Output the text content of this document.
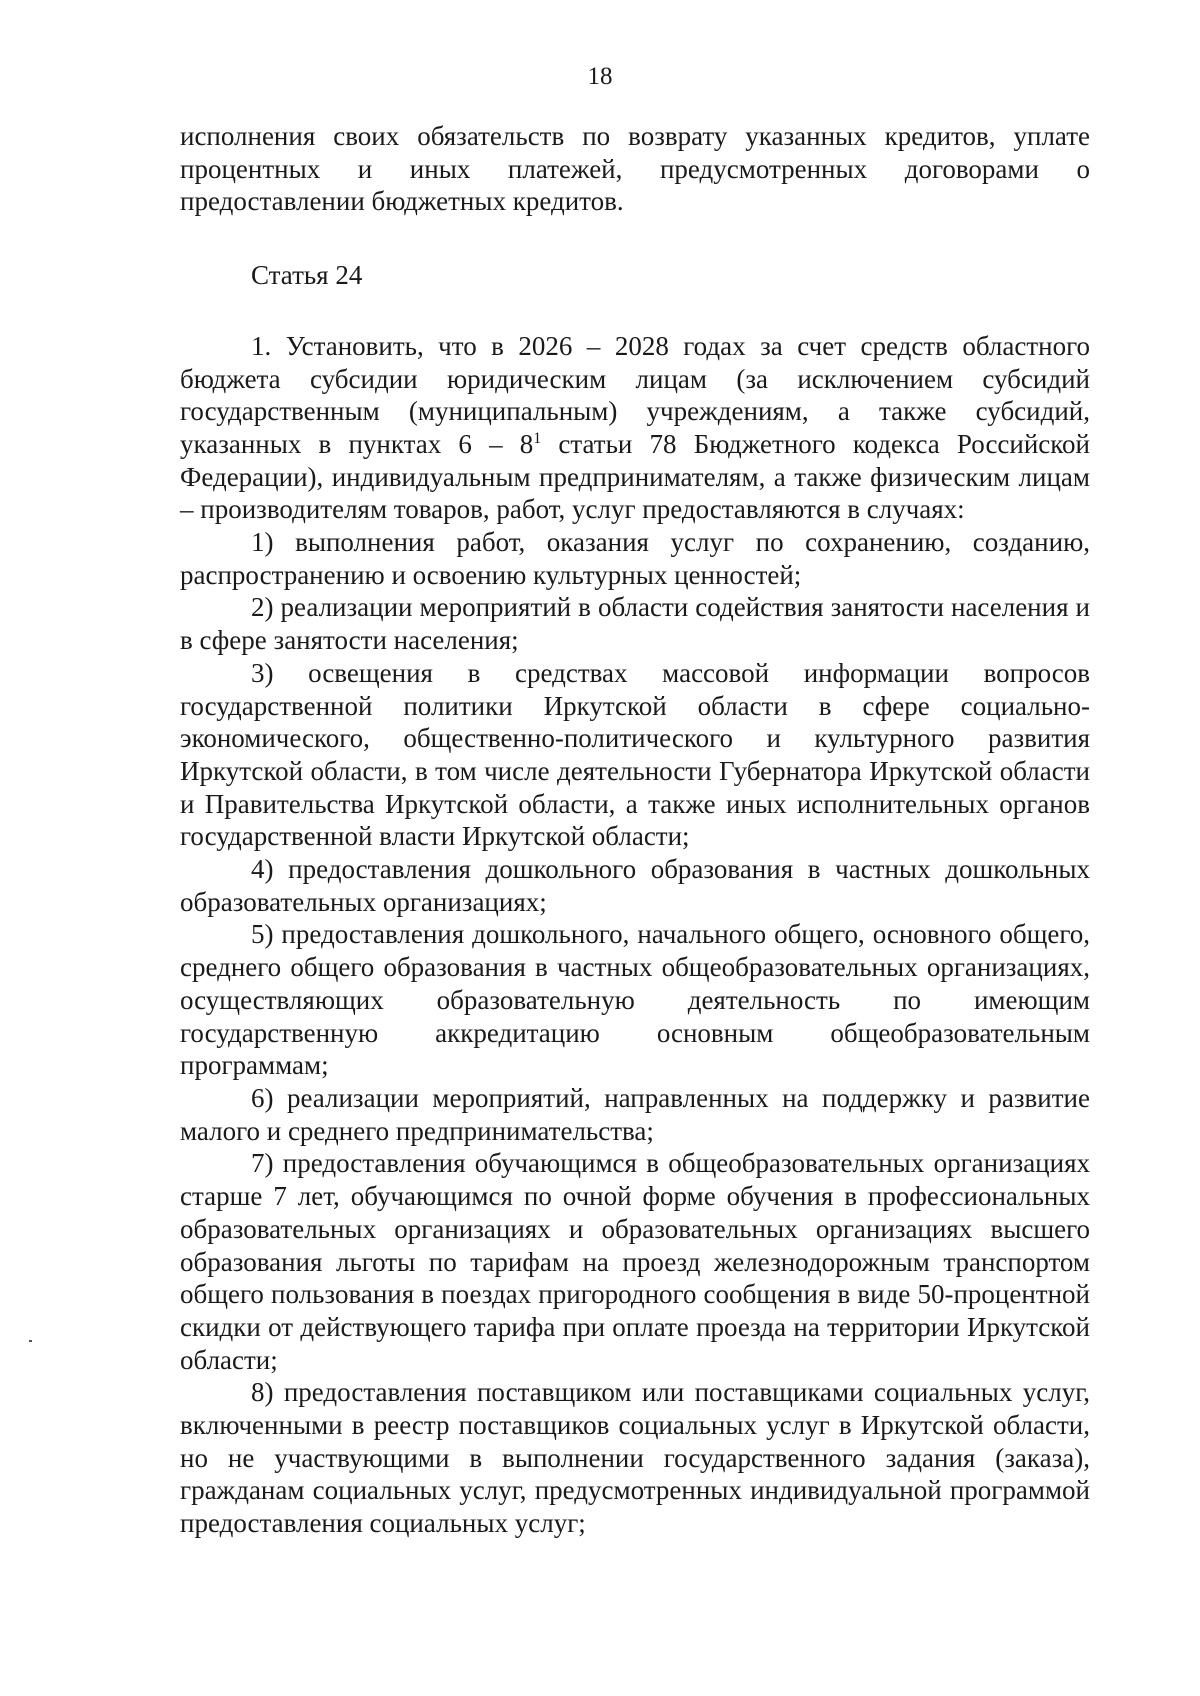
18

исполнения своих обязательств по возврату указанных кредитов, уплате процентных и иных платежей, предусмотренных договорами о предоставлении бюджетных кредитов.

Статья 24

1. Установить, что в 2026 – 2028 годах за счет средств областного бюджета субсидии юридическим лицам (за исключением субсидий государственным (муниципальным) учреждениям, а также субсидий, указанных в пунктах $6 - 8^1$ статьи 78 Бюджетного кодекса Российской Федерации), индивидуальным предпринимателям, а также физическим лицам – производителям товаров, работ, услуг предоставляются в случаях:

1) выполнения работ, оказания услуг по сохранению, созданию, распространению и освоению культурных ценностей;

2) реализации мероприятий в области содействия занятости населения и в сфере занятости населения;

3) освещения в средствах массовой информации вопросов государственной политики Иркутской области в сфере социально-экономического, общественно-политического и культурного развития Иркутской области, в том числе деятельности Губернатора Иркутской области и Правительства Иркутской области, а также иных исполнительных органов государственной власти Иркутской области;

4) предоставления дошкольного образования в частных дошкольных образовательных организациях;

5) предоставления дошкольного, начального общего, основного общего, среднего общего образования в частных общеобразовательных организациях, осуществляющих образовательную деятельность по имеющим государственную аккредитацию основным общеобразовательным программам;

6) реализации мероприятий, направленных на поддержку и развитие малого и среднего предпринимательства;

7) предоставления обучающимся в общеобразовательных организациях старше 7 лет, обучающимся по очной форме обучения в профессиональных образовательных организациях и образовательных организациях высшего образования льготы по тарифам на проезд железнодорожным транспортом общего пользования в поездах пригородного сообщения в виде 50-процентной скидки от действующего тарифа при оплате проезда на территории Иркутской области;

8) предоставления поставщиком или поставщиками социальных услуг, включенными в реестр поставщиков социальных услуг в Иркутской области, но не участвующими в выполнении государственного задания (заказа), гражданам социальных услуг, предусмотренных индивидуальной программой предоставления социальных услуг;
